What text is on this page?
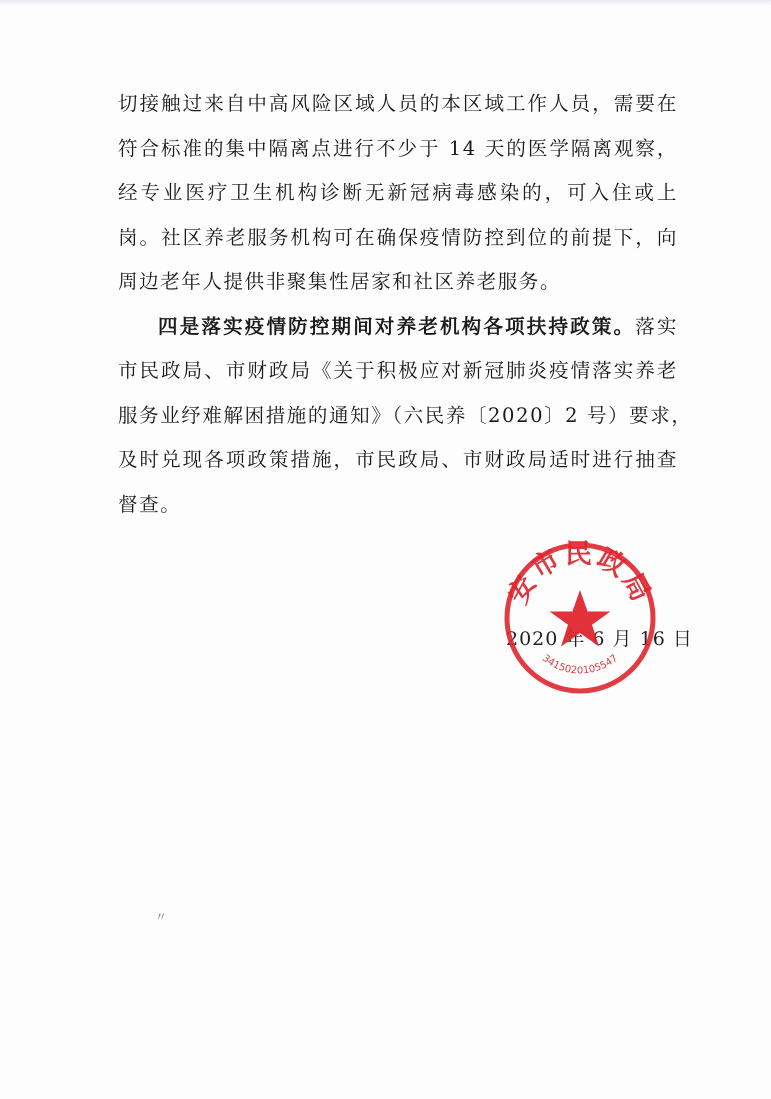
切接触过来自中高风险区域人员的本区域工作人员，需要在
符合标准的集中隔离点进行不少于 14 天的医学隔离观察，
经专业医疗卫生机构诊断无新冠病毒感染的，可入住或上
岗。社区养老服务机构可在确保疫情防控到位的前提下，向
周边老年人提供非聚集性居家和社区养老服务。
四是落实疫情防控期间对养老机构各项扶持政策。落实
市民政局、市财政局《关于积极应对新冠肺炎疫情落实养老
服务业纾难解困措施的通知》（六民养〔2020〕2 号）要求，
及时兑现各项政策措施，市民政局、市财政局适时进行抽查
督查。
2020 年 6 月 16 日
安市民政局
3415020105547
〃
